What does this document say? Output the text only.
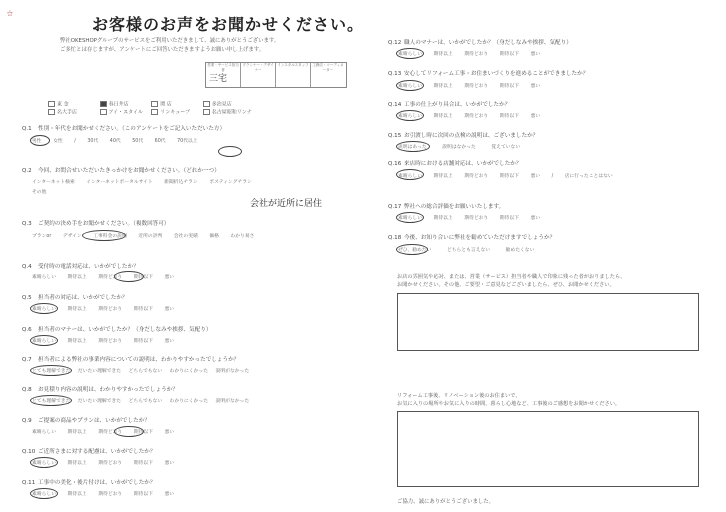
⚝
お客様のお声をお聞かせください。
弊社OKESHOPグループのサービスをご利用いただきまして、誠にありがとうございます。
ご多忙とは存じますが、アンケートにご回答いただきますようお願い申し上げます。
営業・サービス担当者
プランナー・デザイナー
インスタルスタッフ	工務店・コーディネーター
三宅
東 金	春日井店	関 店	多治見店
名大手店	アイ・スタイル	リンキューブ	名古屋昭和リンナ
Q.1 性別・年代をお聞かせください。（このアンケートをご記入いただいた方）
男性 女性 / 30代 40代 50代 60代 70代以上
Q.2 今回、お問合せいただいたきっかけをお聞かせください。（どれか一つ）
インターネット検索 インターネットポータルサイト 新聞折込チラシ ポスティングチラシ その他
会社が近所に居住
Q.3 ご契約の決め手をお聞かせください。（複数回答可）
プランor デザイン 工事料金の説明 近所の評判 会社の実績 価格 わかり易さ
Q.4 受付時の電話対応は、いかがでしたか？
素晴らしい 期待以上 期待どおり 期待以下 悪い
Q.5 担当者の対応は、いかがでしたか？
素晴らしい 期待以上 期待どおり 期待以下 悪い
Q.6 担当者のマナーは、いかがでしたか？（身だしなみや挨拶、気配り）
素晴らしい 期待以上 期待どおり 期待以下 悪い
Q.7 担当者による弊社の事業内容についての説明は、わかりやすかったでしょうか？
とても理解できた だいたい理解できた どちらでもない わかりにくかった 説明がなかった
Q.8 お見積り内容の説明は、わかりやすかったでしょうか？
とても理解できた だいたい理解できた どちらでもない わかりにくかった 説明がなかった
Q.9 ご提案の商品やプランは、いかがでしたか？
素晴らしい 期待以上 期待どおり 期待以下 悪い
Q.10 ご近所さまに対する配慮は、いかがでしたか？
素晴らしい 期待以上 期待どおり 期待以下 悪い
Q.11 工事中の美化・後片付けは、いかがでしたか？
素晴らしい 期待以上 期待どおり 期待以下 悪い
Q.12 職人のマナーは、いかがでしたか？（身だしなみや挨拶、気配り）
素晴らしい 期待以上 期待どおり 期待以下 悪い
Q.13 安心してリフォーム工事・お住まいづくりを進めることができましたか？
素晴らしい 期待以上 期待どおり 期待以下 悪い
Q.14 工事の仕上がり具合は、いかがでしたか？
素晴らしい 期待以上 期待どおり 期待以下 悪い
Q.15 お引渡し時に次回の点検の説明は、ございましたか？
説明はあった 説明はなかった 覚えていない
Q.16 来店時における店舗対応は、いかがでしたか？
素晴らしい 期待以上 期待どおり 期待以下 悪い / 店に行ったことはない
Q.17 弊社への総合評価をお願いいたします。
素晴らしい 期待以上 期待どおり 期待以下 悪い
Q.18 今後、お知り合いに弊社を勧めていただけますでしょうか？
ぜひ、勧めたい どちらとも言えない 勧めたくない
お店の雰囲気や応対、または、営業（サービス）担当者や職人で印象に残った者がおりましたら、
お聞かせください。その他、ご要望・ご意見などございましたら、ぜひ、お聞かせください。
リフォーム工事後、リノベーション後のお住まいで、
お気に入りの場所やお気に入りの時間、暮らし心地など、工事後のご感想をお聞かせください。
ご協力、誠にありがとうございました。
